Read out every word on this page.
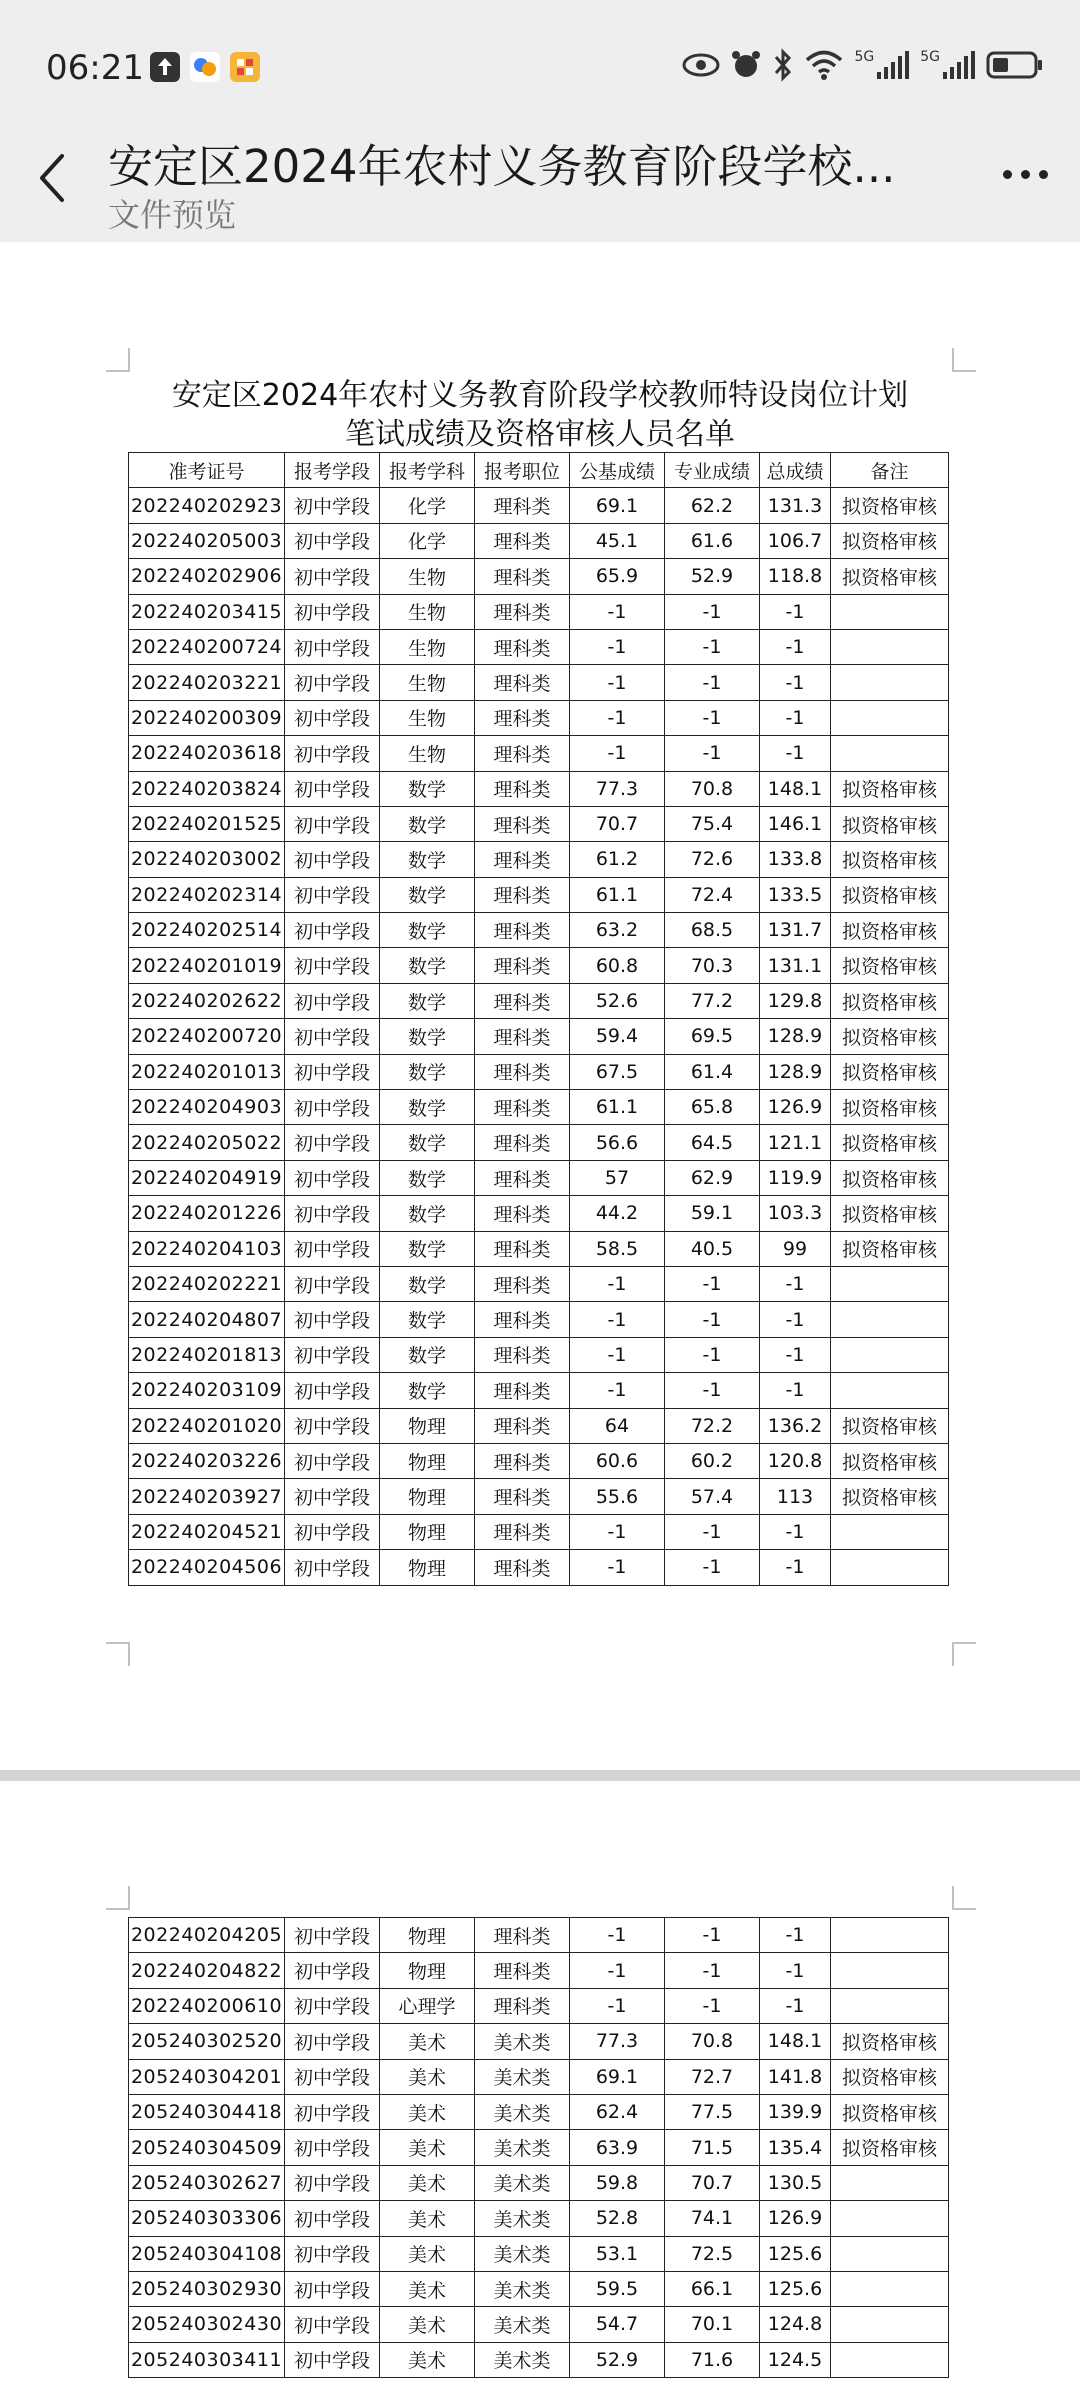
06:21	5G	5G
安定区2024年农村义务教育阶段学校...
文件预览
安定区2024年农村义务教育阶段学校教师特设岗位计划
笔试成绩及资格审核人员名单
准考证号	报考学段	报考学科	报考职位	公基成绩	专业成绩	总成绩	备注
202240202923	初中学段	化学	理科类	69.1	62.2	131.3	拟资格审核
202240205003	初中学段	化学	理科类	45.1	61.6	106.7	拟资格审核
202240202906	初中学段	生物	理科类	65.9	52.9	118.8	拟资格审核
202240203415	初中学段	生物	理科类	-1	-1	-1	
202240200724	初中学段	生物	理科类	-1	-1	-1	
202240203221	初中学段	生物	理科类	-1	-1	-1	
202240200309	初中学段	生物	理科类	-1	-1	-1	
202240203618	初中学段	生物	理科类	-1	-1	-1	
202240203824	初中学段	数学	理科类	77.3	70.8	148.1	拟资格审核
202240201525	初中学段	数学	理科类	70.7	75.4	146.1	拟资格审核
202240203002	初中学段	数学	理科类	61.2	72.6	133.8	拟资格审核
202240202314	初中学段	数学	理科类	61.1	72.4	133.5	拟资格审核
202240202514	初中学段	数学	理科类	63.2	68.5	131.7	拟资格审核
202240201019	初中学段	数学	理科类	60.8	70.3	131.1	拟资格审核
202240202622	初中学段	数学	理科类	52.6	77.2	129.8	拟资格审核
202240200720	初中学段	数学	理科类	59.4	69.5	128.9	拟资格审核
202240201013	初中学段	数学	理科类	67.5	61.4	128.9	拟资格审核
202240204903	初中学段	数学	理科类	61.1	65.8	126.9	拟资格审核
202240205022	初中学段	数学	理科类	56.6	64.5	121.1	拟资格审核
202240204919	初中学段	数学	理科类	57	62.9	119.9	拟资格审核
202240201226	初中学段	数学	理科类	44.2	59.1	103.3	拟资格审核
202240204103	初中学段	数学	理科类	58.5	40.5	99	拟资格审核
202240202221	初中学段	数学	理科类	-1	-1	-1	
202240204807	初中学段	数学	理科类	-1	-1	-1	
202240201813	初中学段	数学	理科类	-1	-1	-1	
202240203109	初中学段	数学	理科类	-1	-1	-1	
202240201020	初中学段	物理	理科类	64	72.2	136.2	拟资格审核
202240203226	初中学段	物理	理科类	60.6	60.2	120.8	拟资格审核
202240203927	初中学段	物理	理科类	55.6	57.4	113	拟资格审核
202240204521	初中学段	物理	理科类	-1	-1	-1	
202240204506	初中学段	物理	理科类	-1	-1	-1	
202240204205	初中学段	物理	理科类	-1	-1	-1	
202240204822	初中学段	物理	理科类	-1	-1	-1	
202240200610	初中学段	心理学	理科类	-1	-1	-1	
205240302520	初中学段	美术	美术类	77.3	70.8	148.1	拟资格审核
205240304201	初中学段	美术	美术类	69.1	72.7	141.8	拟资格审核
205240304418	初中学段	美术	美术类	62.4	77.5	139.9	拟资格审核
205240304509	初中学段	美术	美术类	63.9	71.5	135.4	拟资格审核
205240302627	初中学段	美术	美术类	59.8	70.7	130.5	
205240303306	初中学段	美术	美术类	52.8	74.1	126.9	
205240304108	初中学段	美术	美术类	53.1	72.5	125.6	
205240302930	初中学段	美术	美术类	59.5	66.1	125.6	
205240302430	初中学段	美术	美术类	54.7	70.1	124.8	
205240303411	初中学段	美术	美术类	52.9	71.6	124.5	
